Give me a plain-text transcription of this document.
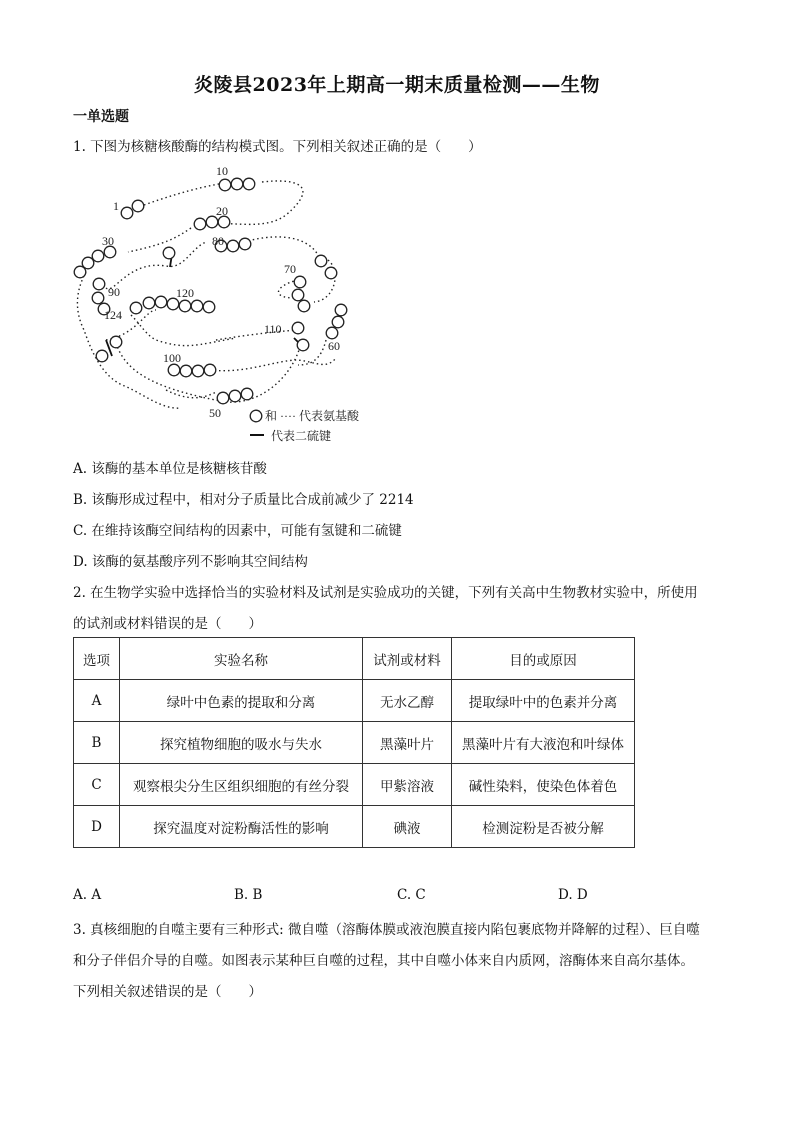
炎陵县2023年上期高一期末质量检测——生物
一单选题
1. 下图为核糖核酸酶的结构模式图。下列相关叙述正确的是（　　）
1
10
20
30	80
70
90	120
124
110
60
100
50	和 ···· 代表氨基酸
代表二硫键
A. 该酶的基本单位是核糖核苷酸
B. 该酶形成过程中，相对分子质量比合成前减少了 2214
C. 在维持该酶空间结构的因素中，可能有氢键和二硫键
D. 该酶的氨基酸序列不影响其空间结构
2. 在生物学实验中选择恰当的实验材料及试剂是实验成功的关键，下列有关高中生物教材实验中，所使用
的试剂或材料错误的是（　　）
选项	实验名称	试剂或材料	目的或原因
A	绿叶中色素的提取和分离	无水乙醇	提取绿叶中的色素并分离
B	探究植物细胞的吸水与失水	黑藻叶片	黑藻叶片有大液泡和叶绿体
C	观察根尖分生区组织细胞的有丝分裂	甲紫溶液	碱性染料，使染色体着色
D	探究温度对淀粉酶活性的影响	碘液	检测淀粉是否被分解
A. A	B. B	C. C	D. D
3. 真核细胞的自噬主要有三种形式: 微自噬（溶酶体膜或液泡膜直接内陷包裹底物并降解的过程）、巨自噬
和分子伴侣介导的自噬。如图表示某种巨自噬的过程，其中自噬小体来自内质网，溶酶体来自高尔基体。
下列相关叙述错误的是（　　）
